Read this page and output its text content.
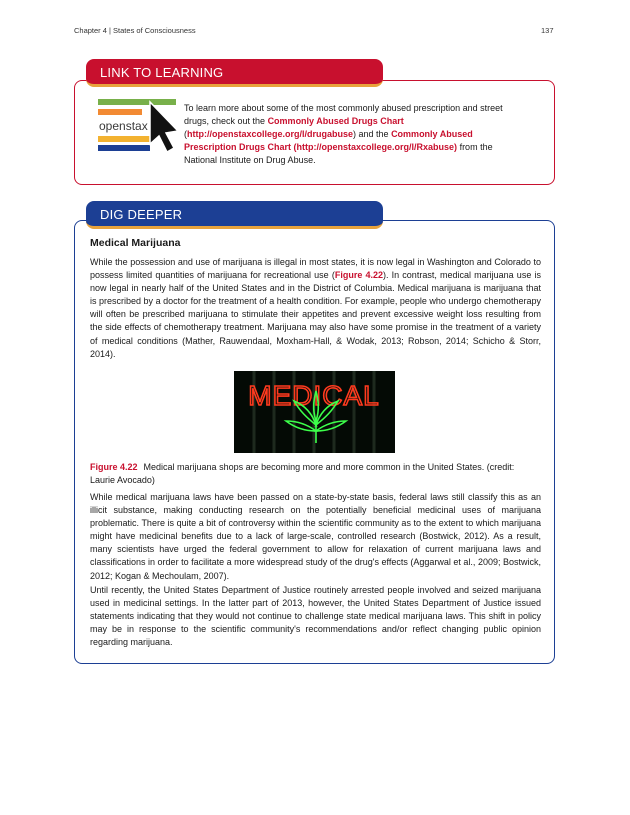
Chapter 4 | States of Consciousness	137
LINK TO LEARNING
openstax
To learn more about some of the most commonly abused prescription and street drugs, check out the Commonly Abused Drugs Chart
(http://openstaxcollege.org/l/drugabuse) and the Commonly Abused Prescription Drugs Chart (http://openstaxcollege.org/l/Rxabuse) from the National Institute on Drug Abuse.
DIG DEEPER
Medical Marijuana

While the possession and use of marijuana is illegal in most states, it is now legal in Washington and Colorado to possess limited quantities of marijuana for recreational use (Figure 4.22). In contrast, medical marijuana use is now legal in nearly half of the United States and in the District of Columbia. Medical marijuana is marijuana that is prescribed by a doctor for the treatment of a health condition. For example, people who undergo chemotherapy will often be prescribed marijuana to stimulate their appetites and prevent excessive weight loss resulting from the side effects of chemotherapy treatment. Marijuana may also have some promise in the treatment of a variety of medical conditions (Mather, Rauwendaal, Moxham-Hall, & Wodak, 2013; Robson, 2014; Schicho & Storr, 2014).

MEDICAL
Figure 4.22 Medical marijuana shops are becoming more and more common in the United States. (credit: Laurie Avocado)

While medical marijuana laws have been passed on a state-by-state basis, federal laws still classify this as an illicit substance, making conducting research on the potentially beneficial medicinal uses of marijuana problematic. There is quite a bit of controversy within the scientific community as to the extent to which marijuana might have medicinal benefits due to a lack of large-scale, controlled research (Bostwick, 2012). As a result, many scientists have urged the federal government to allow for relaxation of current marijuana laws and classifications in order to facilitate a more widespread study of the drug's effects (Aggarwal et al., 2009; Bostwick, 2012; Kogan & Mechoulam, 2007).

Until recently, the United States Department of Justice routinely arrested people involved and seized marijuana used in medicinal settings. In the latter part of 2013, however, the United States Department of Justice issued statements indicating that they would not continue to challenge state medical marijuana laws. This shift in policy may be in response to the scientific community's recommendations and/or reflect changing public opinion regarding marijuana.
